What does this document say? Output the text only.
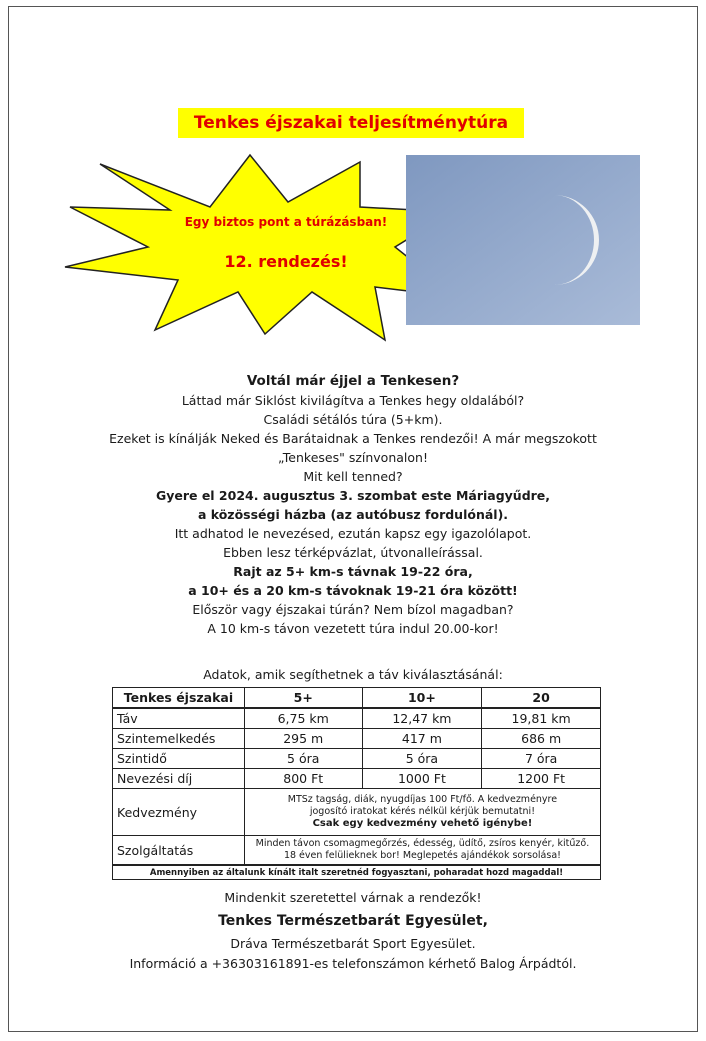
Tenkes éjszakai teljesítménytúra
Egy biztos pont a túrázásban!
12. rendezés!
Voltál már éjjel a Tenkesen?
Láttad már Siklóst kivilágítva a Tenkes hegy oldalából?
Családi sétálós túra (5+km).
Ezeket is kínálják Neked és Barátaidnak a Tenkes rendezői! A már megszokott
„Tenkeses" színvonalon!
Mit kell tenned?
Gyere el 2024. augusztus 3. szombat este Máriagyűdre,
a közösségi házba (az autóbusz fordulónál).
Itt adhatod le nevezésed, ezután kapsz egy igazolólapot.
Ebben lesz térképvázlat, útvonalleírással.
Rajt az 5+ km-s távnak 19-22 óra,
a 10+ és a 20 km-s távoknak 19-21 óra között!
Először vagy éjszakai túrán? Nem bízol magadban?
A 10 km-s távon vezetett túra indul 20.00-kor!
Adatok, amik segíthetnek a táv kiválasztásánál:
Tenkes éjszakai	5+	10+	20
Táv	6,75 km	12,47 km	19,81 km
Szintemelkedés	295 m	417 m	686 m
Szintidő	5 óra	5 óra	7 óra
Nevezési díj	800 Ft	1000 Ft	1200 Ft
Kedvezmény	MTSz tagság, diák, nyugdíjas 100 Ft/fő. A kedvezményre
jogosító iratokat kérés nélkül kérjük bemutatni!
Csak egy kedvezmény vehető igénybe!		

Szolgáltatás	Minden távon csomagmegőrzés, édesség, üdítő, zsíros kenyér, kitűző.
18 éven felülieknek bor! Meglepetés ajándékok sorsolása!		

Amennyiben az általunk kínált italt szeretnéd fogyasztani, poharadat hozd magaddal!			
Mindenkit szeretettel várnak a rendezők!
Tenkes Természetbarát Egyesület,
Dráva Természetbarát Sport Egyesület.
Információ a +36303161891-es telefonszámon kérhető Balog Árpádtól.
